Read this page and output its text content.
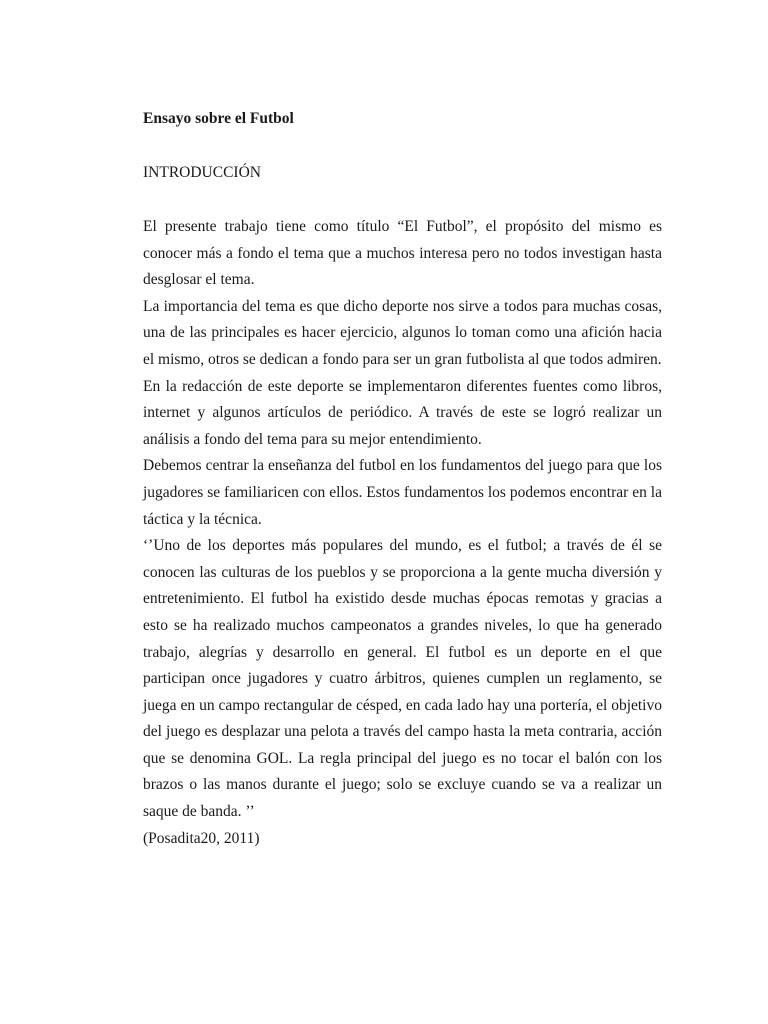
Ensayo sobre el Futbol

INTRODUCCIÓN

El presente trabajo tiene como título “El Futbol”, el propósito del mismo es conocer más a fondo el tema que a muchos interesa pero no todos investigan hasta desglosar el tema.

La importancia del tema es que dicho deporte nos sirve a todos para muchas cosas, una de las principales es hacer ejercicio, algunos lo toman como una afición hacia el mismo, otros se dedican a fondo para ser un gran futbolista al que todos admiren.

En la redacción de este deporte se implementaron diferentes fuentes como libros, internet y algunos artículos de periódico. A través de este se logró realizar un análisis a fondo del tema para su mejor entendimiento.

Debemos centrar la enseñanza del futbol en los fundamentos del juego para que los jugadores se familiaricen con ellos. Estos fundamentos los podemos encontrar en la táctica y la técnica.

‘’Uno de los deportes más populares del mundo, es el futbol; a través de él se conocen las culturas de los pueblos y se proporciona a la gente mucha diversión y entretenimiento. El futbol ha existido desde muchas épocas remotas y gracias a esto se ha realizado muchos campeonatos a grandes niveles, lo que ha generado trabajo, alegrías y desarrollo en general. El futbol es un deporte en el que participan once jugadores y cuatro árbitros, quienes cumplen un reglamento, se juega en un campo rectangular de césped, en cada lado hay una portería, el objetivo del juego es desplazar una pelota a través del campo hasta la meta contraria, acción que se denomina GOL. La regla principal del juego es no tocar el balón con los brazos o las manos durante el juego; solo se excluye cuando se va a realizar un saque de banda. ’’

(Posadita20, 2011)
